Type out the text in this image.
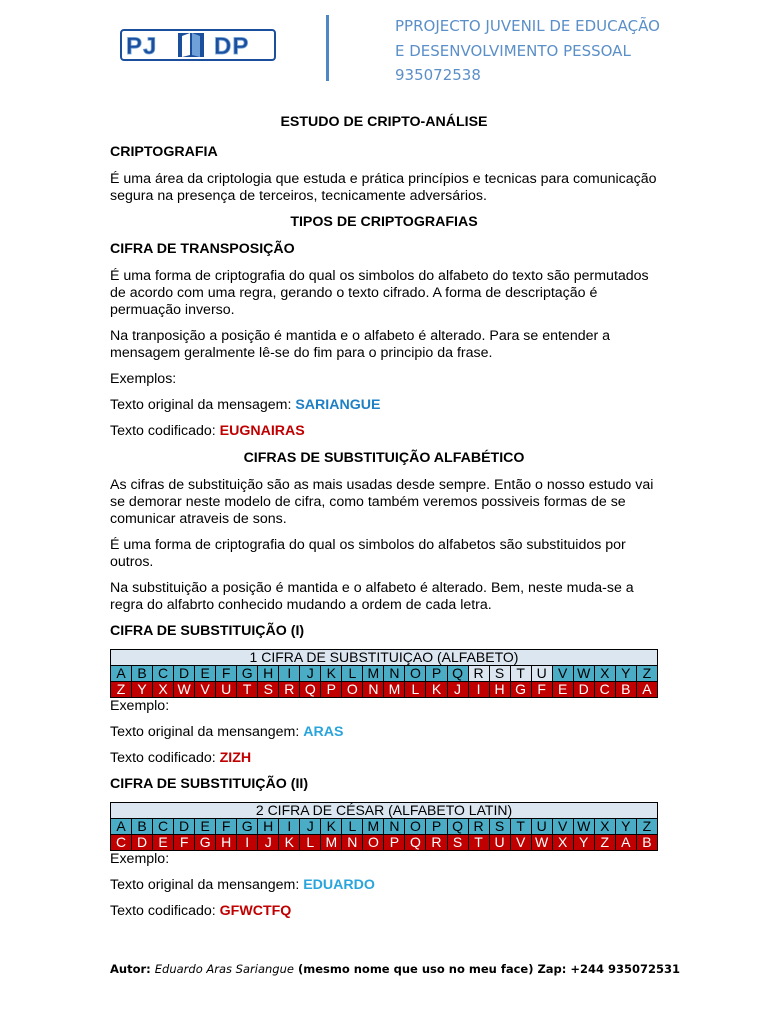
PJ DP
PPROJECTO JUVENIL DE EDUCAÇÃO
E DESENVOLVIMENTO PESSOAL
935072538

ESTUDO DE CRIPTO-ANÁLISE

CRIPTOGRAFIA

É uma área da criptologia que estuda e prática princípios e tecnicas para comunicação segura na presença de terceiros, tecnicamente adversários.

TIPOS DE CRIPTOGRAFIAS

CIFRA DE TRANSPOSIÇÃO

É uma forma de criptografia do qual os simbolos do alfabeto do texto são permutados de acordo com uma regra, gerando o texto cifrado. A forma de descriptação é permuação inverso.

Na tranposição a posição é mantida e o alfabeto é alterado. Para se entender a mensagem geralmente lê-se do fim para o principio da frase.

Exemplos:

Texto original da mensagem: SARIANGUE

Texto codificado: EUGNAIRAS

CIFRAS DE SUBSTITUIÇÃO ALFABÉTICO

As cifras de substituição são as mais usadas desde sempre. Então o nosso estudo vai se demorar neste modelo de cifra, como também veremos possiveis formas de se comunicar atraveis de sons.

É uma forma de criptografia do qual os simbolos do alfabetos são substituidos por outros.

Na substituição a posição é mantida e o alfabeto é alterado. Bem, neste muda-se a regra do alfabrto conhecido mudando a ordem de cada letra.

CIFRA DE SUBSTITUIÇÃO (I)

1 CIFRA DE SUBSTITUIÇAO (ALFABETO)																									
A	B	C	D	E	F	G	H	I	J	K	L	M	N	O	P	Q	R	S	T	U	V	W	X	Y	Z
Z	Y	X	W	V	U	T	S	R	Q	P	O	N	M	L	K	J	I	H	G	F	E	D	C	B	A

Exemplo:

Texto original da mensangem: ARAS

Texto codificado: ZIZH

CIFRA DE SUBSTITUIÇÃO (II)

2 CIFRA DE CÉSAR (ALFABETO LATIN)																									
A	B	C	D	E	F	G	H	I	J	K	L	M	N	O	P	Q	R	S	T	U	V	W	X	Y	Z
C	D	E	F	G	H	I	J	K	L	M	N	O	P	Q	R	S	T	U	V	W	X	Y	Z	A	B

Exemplo:

Texto original da mensangem: EDUARDO

Texto codificado: GFWCTFQ

Autor: Eduardo Aras Sariangue (mesmo nome que uso no meu face) Zap: +244 935072531
